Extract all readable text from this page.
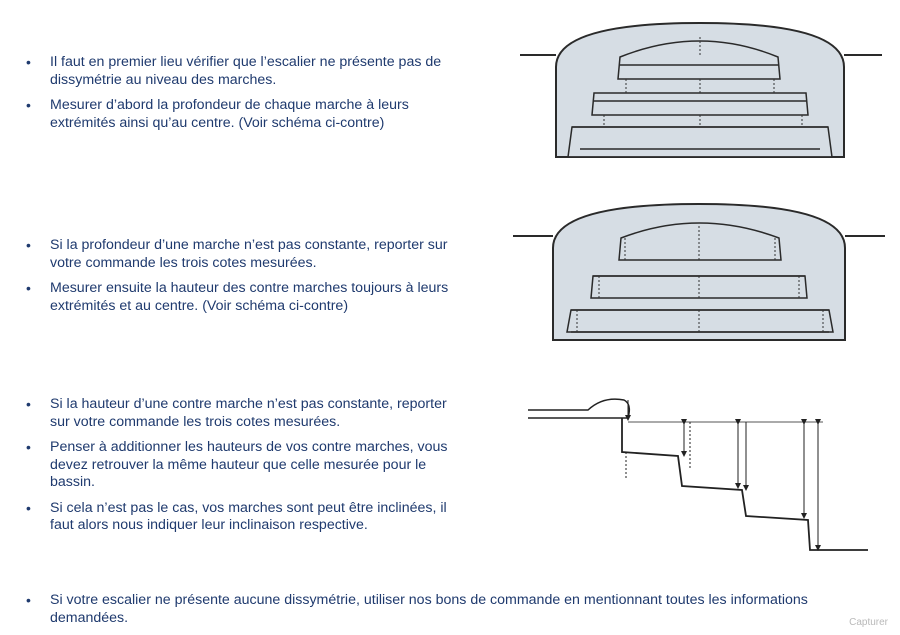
• Il faut en premier lieu vérifier que l’escalier ne présente pas de dissymétrie au niveau des marches.
• Mesurer d’abord la profondeur de chaque marche à leurs extrémités ainsi qu’au centre. (Voir schéma ci-contre)
• Si la profondeur d’une marche n’est pas constante, reporter sur votre commande les trois cotes mesurées.
• Mesurer ensuite la hauteur des contre marches toujours à leurs extrémités et au centre. (Voir schéma ci-contre)
• Si la hauteur d’une contre marche n’est pas constante, reporter sur votre commande les trois cotes mesurées.
• Penser à additionner les hauteurs de vos contre marches, vous devez retrouver la même hauteur que celle mesurée pour le bassin.
• Si cela n’est pas le cas, vos marches sont peut être inclinées, il faut alors nous indiquer leur inclinaison respective.
• Si votre escalier ne présente aucune dissymétrie, utiliser nos bons de commande en mentionnant toutes les informations demandées.	Capturer
